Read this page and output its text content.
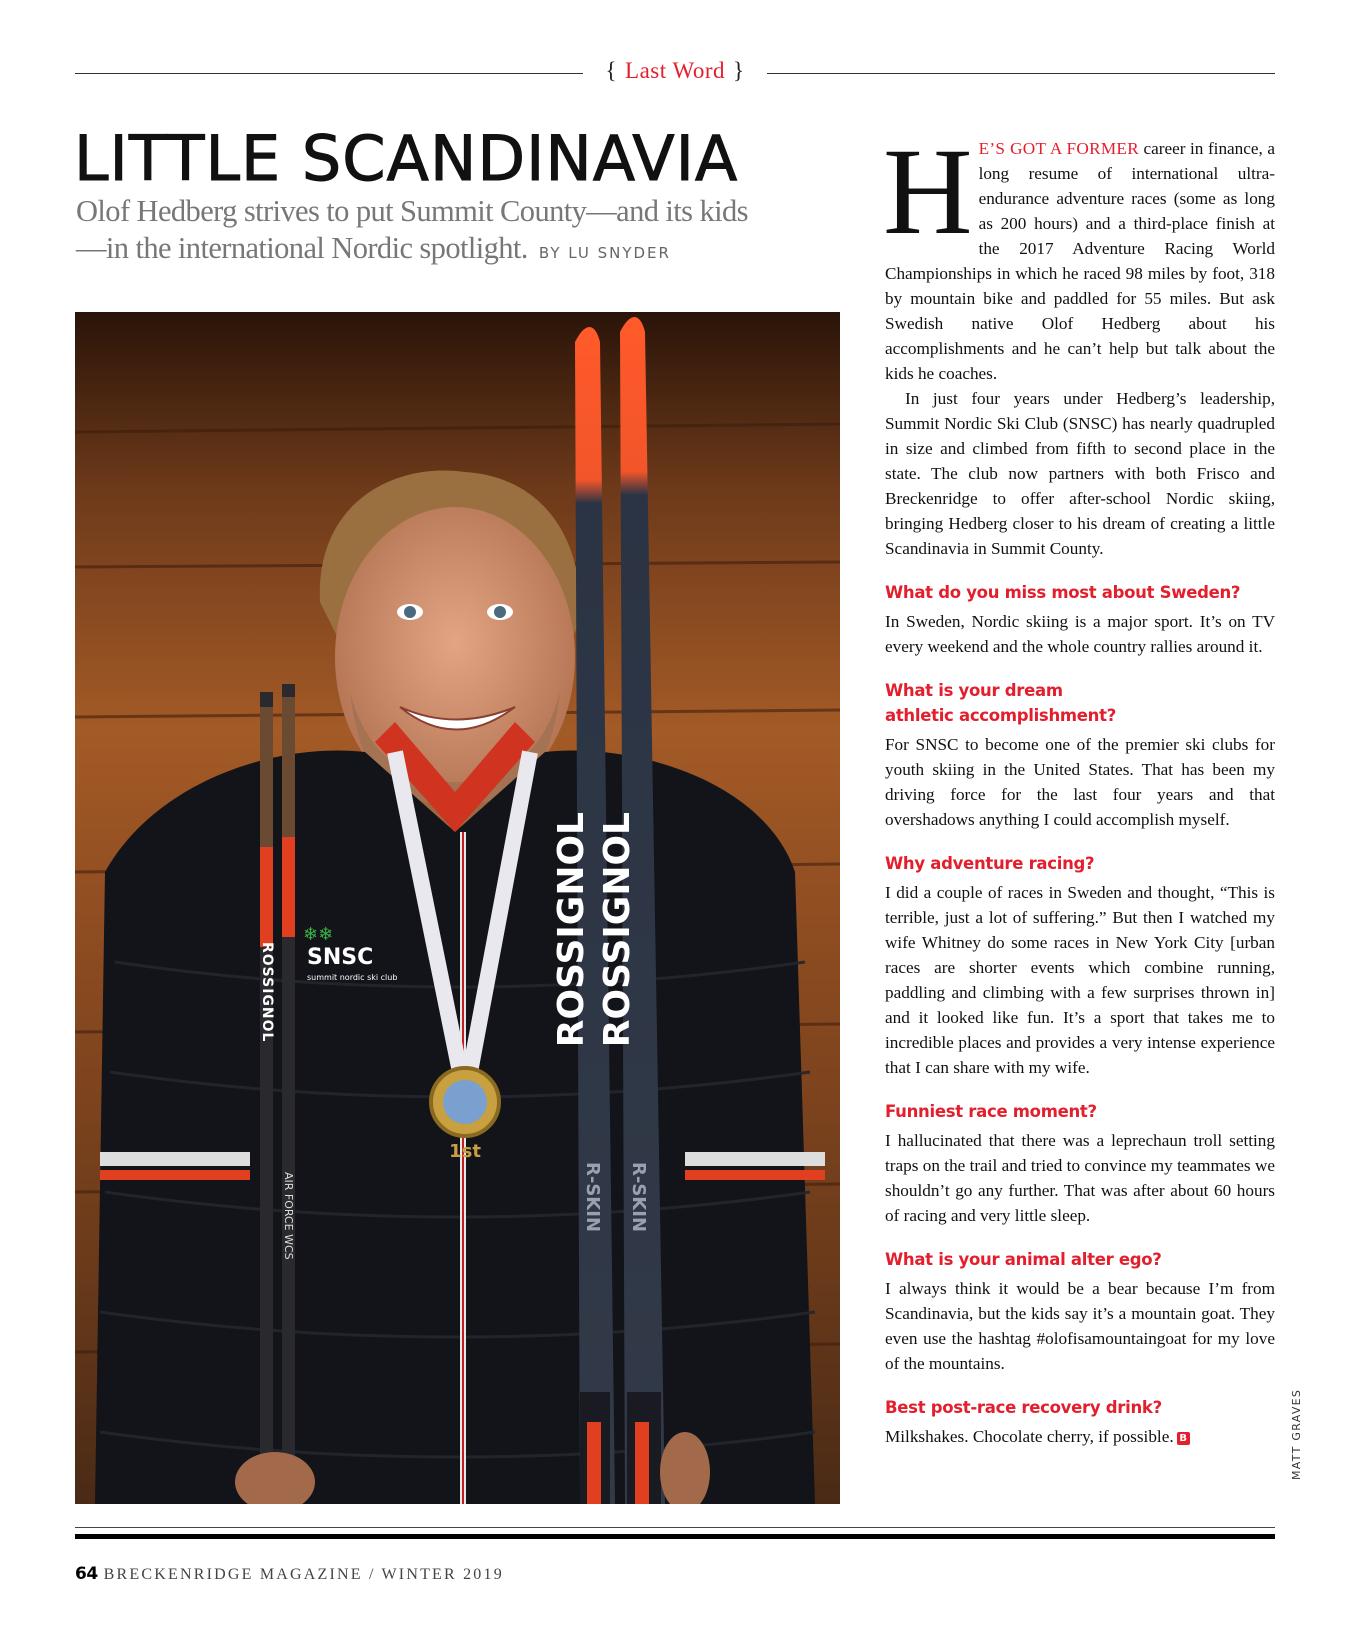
{ Last Word }
LITTLE SCANDINAVIA
Olof Hedberg strives to put Summit County—and its kids—in the international Nordic spotlight. BY LU SNYDER
1st
SNSC
summit nordic ski club
❄❄
ROSSIGNOL
AIR FORCE WCS
ROSSIGNOL ROSSIGNOL
R-SKIN R-SKIN

H E’S GOT A FORMER career in finance, a long resume of international ultra-endurance adventure races (some as long as 200 hours) and a third-place finish at the 2017 Adventure Racing World Championships in which he raced 98 miles by foot, 318 by mountain bike and paddled for 55 miles. But ask Swedish native Olof Hedberg about his accomplishments and he can’t help but talk about the kids he coaches.

In just four years under Hedberg’s leadership, Summit Nordic Ski Club (SNSC) has nearly quadrupled in size and climbed from fifth to second place in the state. The club now partners with both Frisco and Breckenridge to offer after-school Nordic skiing, bringing Hedberg closer to his dream of creating a little Scandinavia in Summit County.

What do you miss most about Sweden?

In Sweden, Nordic skiing is a major sport. It’s on TV every weekend and the whole country rallies around it.

What is your dream athletic accomplishment?

For SNSC to become one of the premier ski clubs for youth skiing in the United States. That has been my driving force for the last four years and that overshadows anything I could accomplish myself.

Why adventure racing?

I did a couple of races in Sweden and thought, “This is terrible, just a lot of suffering.” But then I watched my wife Whitney do some races in New York City [urban races are shorter events which combine running, paddling and climbing with a few surprises thrown in] and it looked like fun. It’s a sport that takes me to incredible places and provides a very intense experience that I can share with my wife.

Funniest race moment?

I hallucinated that there was a leprechaun troll setting traps on the trail and tried to convince my teammates we shouldn’t go any further. That was after about 60 hours of racing and very little sleep.

What is your animal alter ego?

I always think it would be a bear because I’m from Scandinavia, but the kids say it’s a mountain goat. They even use the hashtag #olofisamountaingoat for my love of the mountains.

Best post-race recovery drink?

Milkshakes. Chocolate cherry, if possible. B	MATT GRAVES
64 BRECKENRIDGE MAGAZINE / WINTER 2019
